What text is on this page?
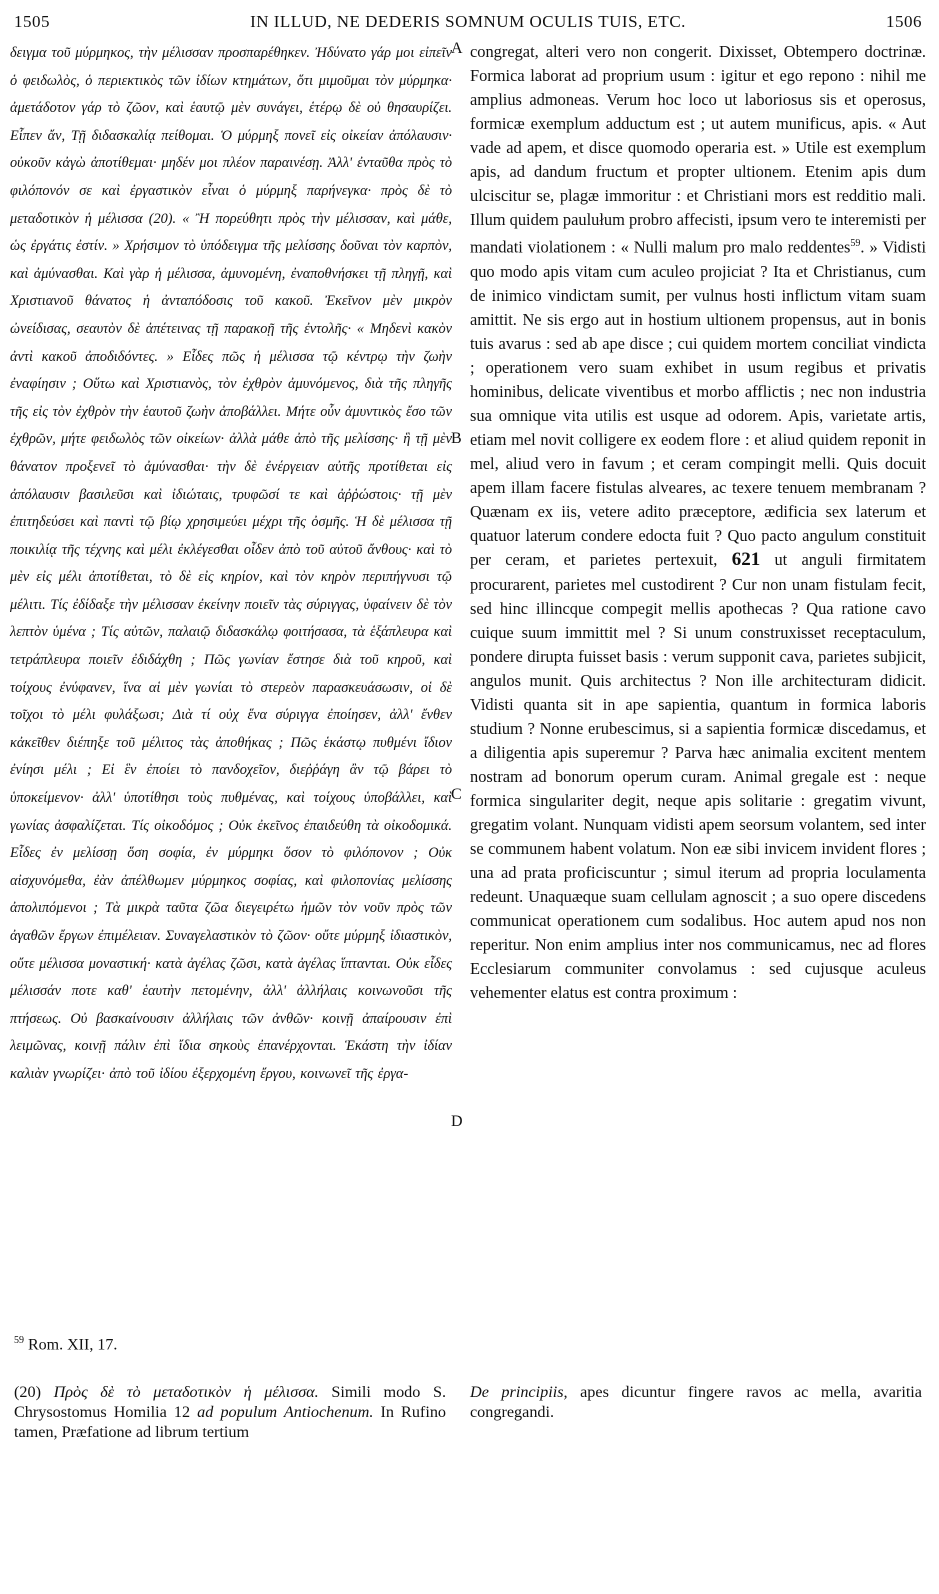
1505	IN ILLUD, NE DEDERIS SOMNUM OCULIS TUIS, ETC.	1506
δειγμα τοῦ μύρμηκος, τὴν μέλισσαν προσπαρέθηκεν. Ἠδύνατο γάρ μοι εἰπεῖν ὁ φειδωλὸς, ὁ περιεκτικὸς τῶν ἰδίων κτημάτων, ὅτι μιμοῦμαι τὸν μύρμηκα· ἀμετάδοτον γάρ τὸ ζῶον, καὶ ἑαυτῷ μὲν συνάγει, ἑτέρῳ δὲ οὐ θησαυρίζει. Εἶπεν ἄν, Τῇ διδασκαλίᾳ πείθομαι. Ὁ μύρμηξ πονεῖ εἰς οἰκείαν ἀπόλαυσιν· οὐκοῦν κἀγὼ ἀποτίθεμαι· μηδέν μοι πλέον παραινέσῃ. Ἀλλ' ἐνταῦθα πρὸς τὸ φιλόπονόν σε καὶ ἐργαστικὸν εἶναι ὁ μύρμηξ παρήνεγκα· πρὸς δὲ τὸ μεταδοτικὸν ἡ μέλισσα (20). « Ἢ πορεύθητι πρὸς τὴν μέλισσαν, καὶ μάθε, ὡς ἐργάτις ἐστίν. » Χρήσιμον τὸ ὑπόδειγμα τῆς μελίσσης δοῦναι τὸν καρπὸν, καὶ ἀμύνασθαι. Καὶ γὰρ ἡ μέλισσα, ἀμυνομένη, ἐναποθνήσκει τῇ πληγῇ, καὶ Χριστιανοῦ θάνατος ἡ ἀνταπόδοσις τοῦ κακοῦ. Ἐκεῖνον μὲν μικρὸν ὠνείδισας, σεαυτὸν δὲ ἀπέτεινας τῇ παρακοῇ τῆς ἐντολῆς· « Μηδενὶ κακὸν ἀντὶ κακοῦ ἀποδιδόντες. » Εἶδες πῶς ἡ μέλισσα τῷ κέντρῳ τὴν ζωὴν ἐναφίησιν ; Οὕτω καὶ Χριστιανὸς, τὸν ἐχθρὸν ἀμυνόμενος, διὰ τῆς πληγῆς τῆς εἰς τὸν ἐχθρὸν τὴν ἑαυτοῦ ζωὴν ἀποβάλλει. Μήτε οὖν ἀμυντικὸς ἔσο τῶν ἐχθρῶν, μήτε φειδωλὸς τῶν οἰκείων· ἀλλὰ μάθε ἀπὸ τῆς μελίσσης· ἣ τῇ μὲν θάνατον προξενεῖ τὸ ἀμύνασθαι· τὴν δὲ ἐνέργειαν αὐτῆς προτίθεται εἰς ἀπόλαυσιν βασιλεῦσι καὶ ἰδιώταις, τρυφῶσί τε καὶ ἀῤῥώστοις· τῇ μὲν ἐπιτηδεύσει καὶ παντὶ τῷ βίῳ χρησιμεύει μέχρι τῆς ὀσμῆς. Ἡ δὲ μέλισσα τῇ ποικιλίᾳ τῆς τέχνης καὶ μέλι ἐκλέγεσθαι οἶδεν ἀπὸ τοῦ αὐτοῦ ἄνθους· καὶ τὸ μὲν εἰς μέλι ἀποτίθεται, τὸ δὲ εἰς κηρίον, καὶ τὸν κηρὸν περιπήγνυσι τῷ μέλιτι. Τίς ἐδίδαξε τὴν μέλισσαν ἐκείνην ποιεῖν τὰς σύριγγας, ὑφαίνειν δὲ τὸν λεπτὸν ὑμένα ; Τίς αὐτῶν, παλαιῷ διδασκάλῳ φοιτήσασα, τὰ ἑξάπλευρα καὶ τετράπλευρα ποιεῖν ἐδιδάχθη ; Πῶς γωνίαν ἔστησε διὰ τοῦ κηροῦ, καὶ τοίχους ἐνύφανεν, ἵνα αἱ μὲν γωνίαι τὸ στερεὸν παρασκευάσωσιν, οἱ δὲ τοῖχοι τὸ μέλι φυλάξωσι; Διὰ τί οὐχ ἕνα σύριγγα ἐποίησεν, ἀλλ' ἔνθεν κἀκεῖθεν διέπηξε τοῦ μέλιτος τὰς ἀποθήκας ; Πῶς ἑκάστῳ πυθμένι ἴδιον ἐνίησι μέλι ; Εἰ ἓν ἐποίει τὸ πανδοχεῖον, διεῤῥάγη ἂν τῷ βάρει τὸ ὑποκείμενον· ἀλλ' ὑποτίθησι τοὺς πυθμένας, καὶ τοίχους ὑποβάλλει, καὶ γωνίας ἀσφαλίζεται. Τίς οἰκοδόμος ; Οὐκ ἐκεῖνος ἐπαιδεύθη τὰ οἰκοδομικά. Εἶδες ἐν μελίσσῃ ὅση σοφία, ἐν μύρμηκι ὅσον τὸ φιλόπονον ; Οὐκ αἰσχυνόμεθα, ἐὰν ἀπέλθωμεν μύρμηκος σοφίας, καὶ φιλοπονίας μελίσσης ἀπολιπόμενοι ; Τὰ μικρὰ ταῦτα ζῶα διεγειρέτω ἡμῶν τὸν νοῦν πρὸς τῶν ἀγαθῶν ἔργων ἐπιμέλειαν. Συναγελαστικὸν τὸ ζῶον· οὔτε μύρμηξ ἰδιαστικὸν, οὔτε μέλισσα μοναστική· κατὰ ἀγέλας ζῶσι, κατὰ ἀγέλας ἵπτανται. Οὐκ εἶδες μέλισσάν ποτε καθ' ἑαυτὴν πετομένην, ἀλλ' ἀλλήλαις κοινωνοῦσι τῆς πτήσεως. Οὐ βασκαίνουσιν ἀλλήλαις τῶν ἀνθῶν· κοινῇ ἀπαίρουσιν ἐπὶ λειμῶνας, κοινῇ πάλιν ἐπὶ ἴδια σηκοὺς ἐπανέρχονται. Ἑκάστη τὴν ἰδίαν καλιὰν γνωρίζει· ἀπὸ τοῦ ἰδίου ἐξερχομένη ἔργου, κοινωνεῖ τῆς ἐργα-
A
B
C
D
congregat, alteri vero non congerit. Dixisset, Obtempero doctrinæ. Formica laborat ad proprium usum : igitur et ego repono : nihil me amplius admoneas. Verum hoc loco ut laboriosus sis et operosus, formicæ exemplum adductum est ; ut autem munificus, apis. « Aut vade ad apem, et disce quomodo operaria est. » Utile est exemplum apis, ad dandum fructum et propter ultionem. Etenim apis dum ulciscitur se, plagæ immoritur : et Christiani mors est redditio mali. Illum quidem paulułum probro affecisti, ipsum vero te interemisti per mandati violationem : « Nulli malum pro malo reddentes$^{59}$. » Vidisti quo modo apis vitam cum aculeo projiciat ? Ita et Christianus, cum de inimico vindictam sumit, per vulnus hosti inflictum vitam suam amittit. Ne sis ergo aut in hostium ultionem propensus, aut in bonis tuis avarus : sed ab ape disce ; cui quidem mortem conciliat vindicta ; operationem vero suam exhibet in usum regibus et privatis hominibus, delicate viventibus et morbo afflictis ; nec non industria sua omnique vita utilis est usque ad odorem. Apis, varietate artis, etiam mel novit colligere ex eodem flore : et aliud quidem reponit in mel, aliud vero in favum ; et ceram compingit melli. Quis docuit apem illam facere fistulas alveares, ac texere tenuem membranam ? Quænam ex iis, vetere adito præceptore, ædificia sex laterum et quatuor laterum condere edocta fuit ? Quo pacto angulum constituit per ceram, et parietes pertexuit, 621 ut anguli firmitatem procurarent, parietes mel custodirent ? Cur non unam fistulam fecit, sed hinc illincque compegit mellis apothecas ? Qua ratione cavo cuique suum immittit mel ? Si unum construxisset receptaculum, pondere dirupta fuisset basis : verum supponit cava, parietes subjicit, angulos munit. Quis architectus ? Non ille architecturam didicit. Vidisti quanta sit in ape sapientia, quantum in formica laboris studium ? Nonne erubescimus, si a sapientia formicæ discedamus, et a diligentia apis superemur ? Parva hæc animalia excitent mentem nostram ad bonorum operum curam. Animal gregale est : neque formica singulariter degit, neque apis solitarie : gregatim vivunt, gregatim volant. Nunquam vidisti apem seorsum volantem, sed inter se communem habent volatum. Non eæ sibi invicem invident flores ; una ad prata proficiscuntur ; simul iterum ad propria loculamenta redeunt. Unaquæque suam cellulam agnoscit ; a suo opere discedens communicat operationem cum sodalibus. Hoc autem apud nos non reperitur. Non enim amplius inter nos communicamus, nec ad flores Ecclesiarum communiter convolamus : sed cujusque aculeus vehementer elatus est contra proximum :
$^{59}$ Rom. XII, 17.
(20) Πρὸς δὲ τὸ μεταδοτικὸν ἡ μέλισσα. Simili modo S. Chrysostomus Homilia 12 ad populum Antiochenum. In Rufino tamen, Præfatione ad librum tertium
De principiis, apes dicuntur fingere ravos ac mella, avaritia congregandi.
